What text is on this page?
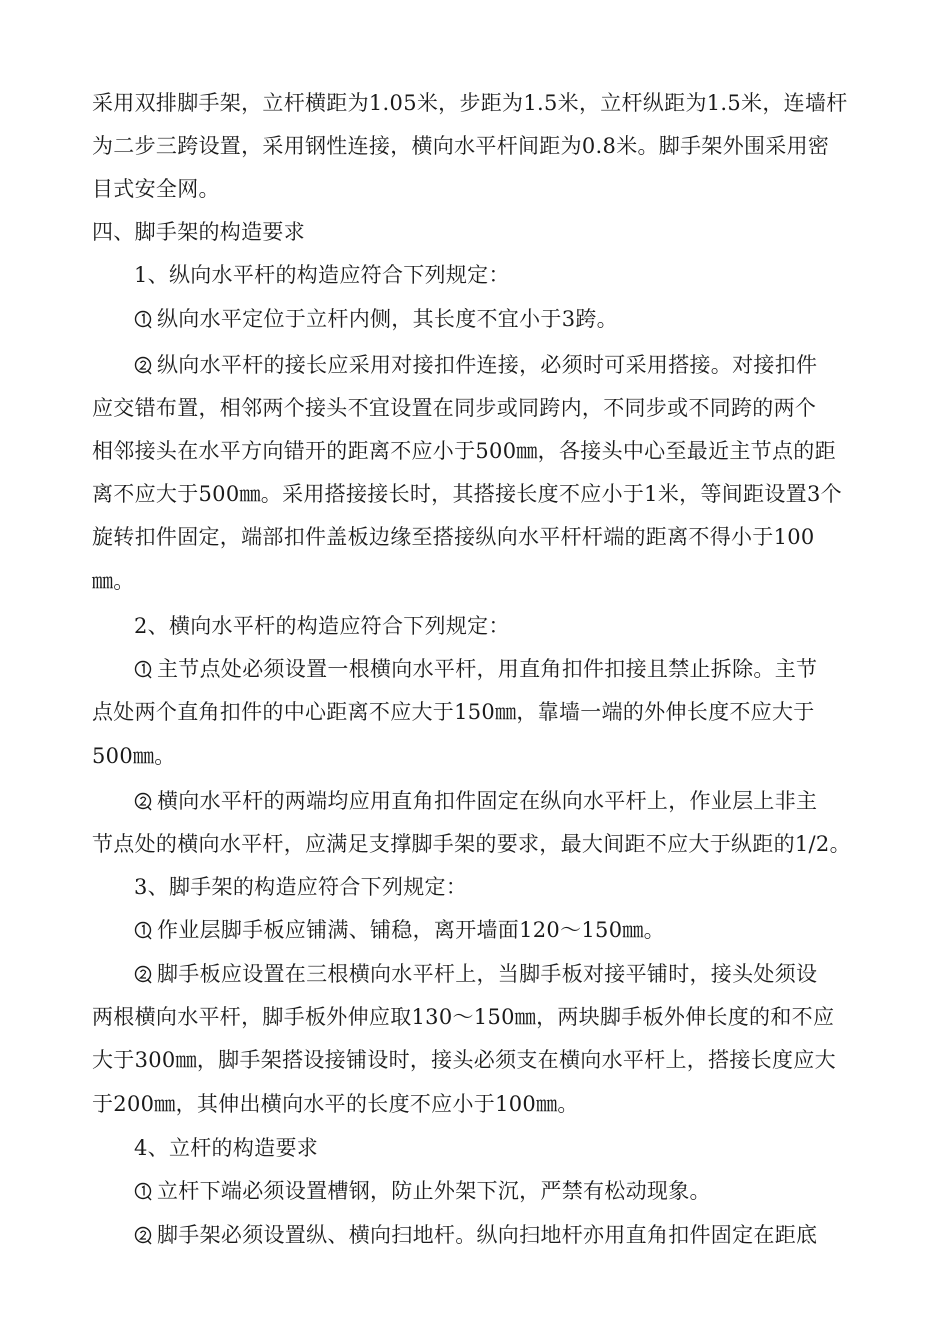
采用双排脚手架，立杆横距为1.05米，步距为1.5米，立杆纵距为1.5米，连墙杆
为二步三跨设置，采用钢性连接，横向水平杆间距为0.8米。脚手架外围采用密
目式安全网。
四、脚手架的构造要求
1、纵向水平杆的构造应符合下列规定：
纵向水平定位于立杆内侧，其长度不宜小于3跨。
纵向水平杆的接长应采用对接扣件连接，必须时可采用搭接。对接扣件
应交错布置，相邻两个接头不宜设置在同步或同跨内，不同步或不同跨的两个
相邻接头在水平方向错开的距离不应小于500㎜，各接头中心至最近主节点的距
离不应大于500㎜。采用搭接接长时，其搭接长度不应小于1米，等间距设置3个
旋转扣件固定，端部扣件盖板边缘至搭接纵向水平杆杆端的距离不得小于100
㎜。
2、横向水平杆的构造应符合下列规定：
主节点处必须设置一根横向水平杆，用直角扣件扣接且禁止拆除。主节
点处两个直角扣件的中心距离不应大于150㎜，靠墙一端的外伸长度不应大于
500㎜。
横向水平杆的两端均应用直角扣件固定在纵向水平杆上，作业层上非主
节点处的横向水平杆，应满足支撑脚手架的要求，最大间距不应大于纵距的1/2。
3、脚手架的构造应符合下列规定：
作业层脚手板应铺满、铺稳，离开墙面120～150㎜。
脚手板应设置在三根横向水平杆上，当脚手板对接平铺时，接头处须设
两根横向水平杆，脚手板外伸应取130～150㎜，两块脚手板外伸长度的和不应
大于300㎜，脚手架搭设接铺设时，接头必须支在横向水平杆上，搭接长度应大
于200㎜，其伸出横向水平的长度不应小于100㎜。
4、立杆的构造要求
立杆下端必须设置槽钢，防止外架下沉，严禁有松动现象。
脚手架必须设置纵、横向扫地杆。纵向扫地杆亦用直角扣件固定在距底
